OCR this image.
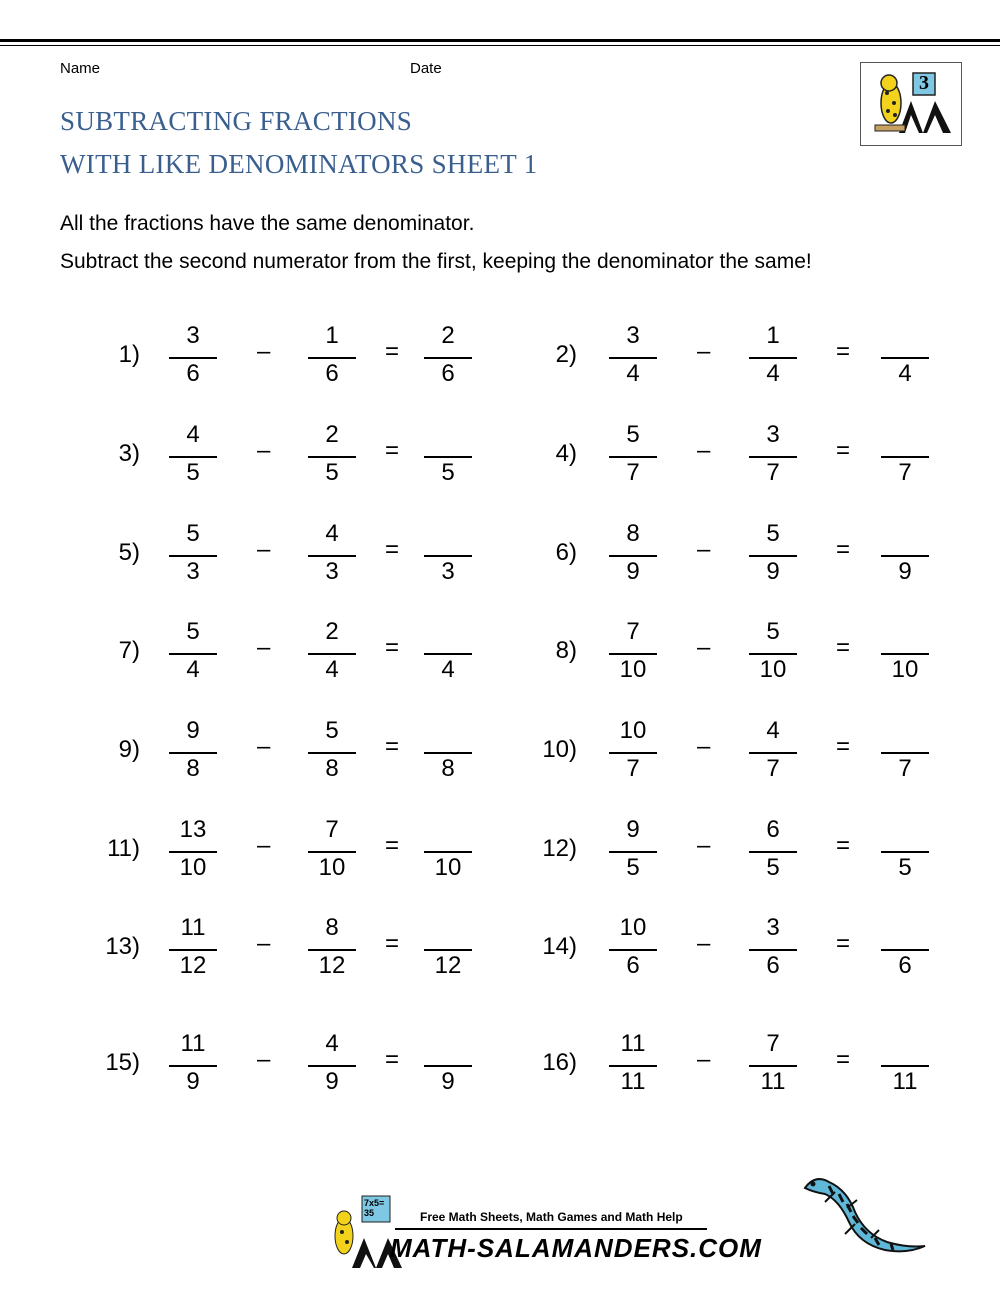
Name	Date
SUBTRACTING FRACTIONS
WITH LIKE DENOMINATORS SHEET 1
3
All the fractions have the same denominator.
Subtract the second numerator from the first, keeping the denominator the same!
1)
3
6
–
1
6
=
2
6
2)
3
4
–
1
4
=
4
3)
4
5
–
2
5
=
5
4)
5
7
–
3
7
=
7
5)
5
3
–
4
3
=
3
6)
8
9
–
5
9
=
9
7)
5
4
–
2
4
=
4
8)
7
10
–
5
10
=
10
9)
9
8
–
5
8
=
8
10)
10
7
–
4
7
=
7
11)
13
10
–
7
10
=
10
12)
9
5
–
6
5
=
5
13)
11
12
–
8
12
=
12
14)
10
6
–
3
6
=
6
15)
11
9
–
4
9
=
9
16)
11
11
–
7
11
=
11
7x5=
35	Free Math Sheets, Math Games and Math Help
MATH-SALAMANDERS.COM
